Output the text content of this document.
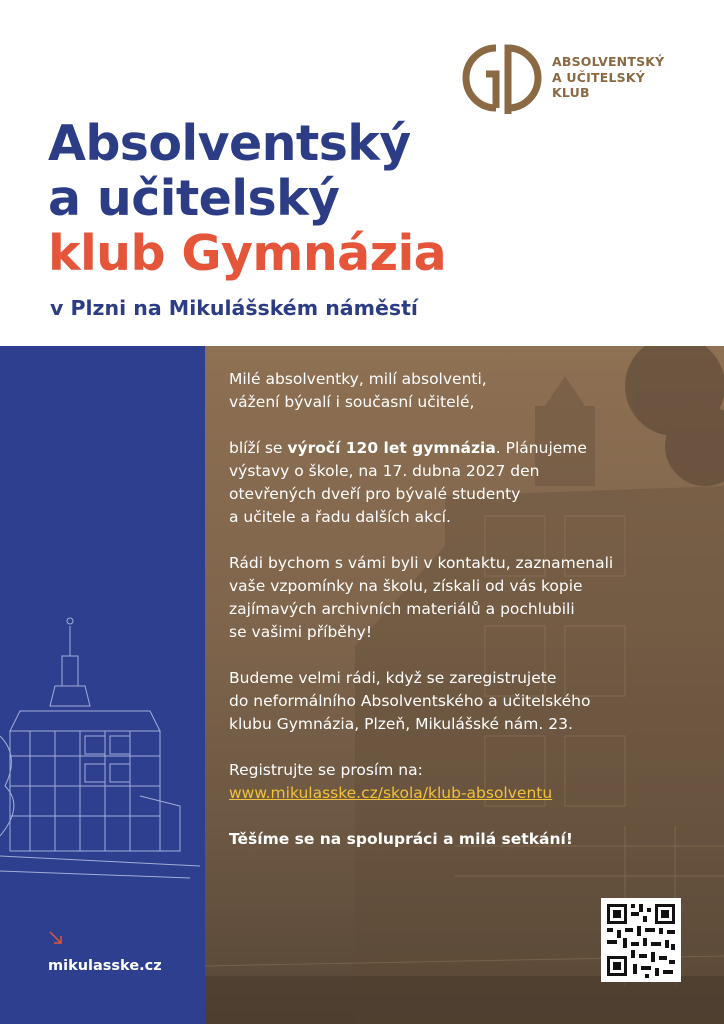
ABSOLVENTSKÝ
A UČITELSKÝ
KLUB
Absolventský
a učitelský
klub Gymnázia
v Plzni na Mikulášském náměstí
mikulasske.cz

Milé absolventky, milí absolventi,
vážení bývalí i současní učitelé,

blíží se výročí 120 let gymnázia. Plánujeme
výstavy o škole, na 17. dubna 2027 den
otevřených dveří pro bývalé studenty
a učitele a řadu dalších akcí.

Rádi bychom s vámi byli v kontaktu, zaznamenali
vaše vzpomínky na školu, získali od vás kopie
zajímavých archivních materiálů a pochlubili
se vašimi příběhy!

Budeme velmi rádi, když se zaregistrujete
do neformálního Absolventského a učitelského
klubu Gymnázia, Plzeň, Mikulášské nám. 23.

Registrujte se prosím na:

www.mikulasske.cz/skola/klub-absolventu

Těšíme se na spolupráci a milá setkání!
